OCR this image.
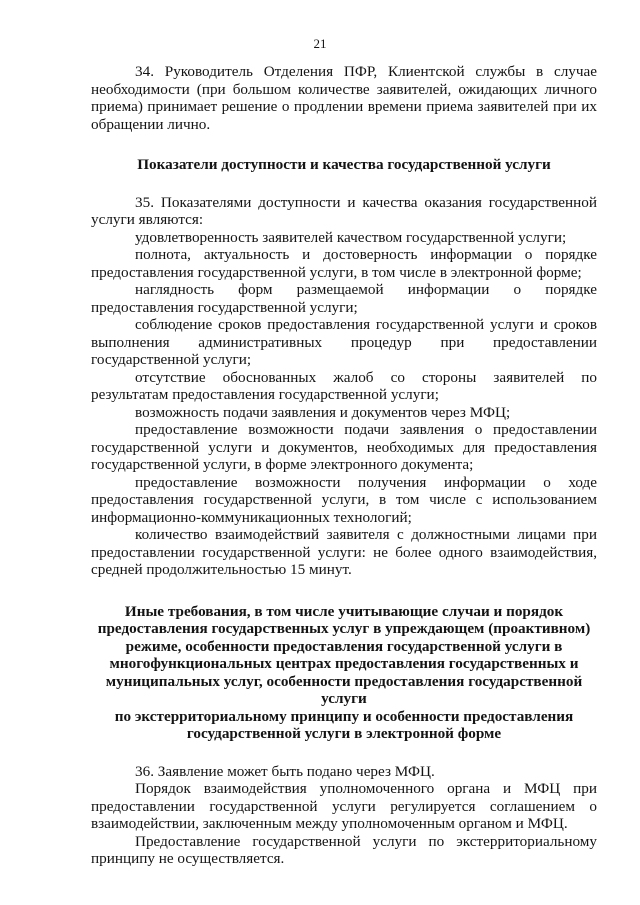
21

34. Руководитель Отделения ПФР, Клиентской службы в случае необходимости (при большом количестве заявителей, ожидающих личного приема) принимает решение о продлении времени приема заявителей при их обращении лично.

Показатели доступности и качества государственной услуги

35. Показателями доступности и качества оказания государственной услуги являются:

удовлетворенность заявителей качеством государственной услуги;

полнота, актуальность и достоверность информации о порядке предоставления государственной услуги, в том числе в электронной форме;

наглядность форм размещаемой информации о порядке предоставления государственной услуги;

соблюдение сроков предоставления государственной услуги и сроков выполнения административных процедур при предоставлении государственной услуги;

отсутствие обоснованных жалоб со стороны заявителей по результатам предоставления государственной услуги;

возможность подачи заявления и документов через МФЦ;

предоставление возможности подачи заявления о предоставлении государственной услуги и документов, необходимых для предоставления государственной услуги, в форме электронного документа;

предоставление возможности получения информации о ходе предоставления государственной услуги, в том числе с использованием информационно-коммуникационных технологий;

количество взаимодействий заявителя с должностными лицами при предоставлении государственной услуги: не более одного взаимодействия, средней продолжительностью 15 минут.

Иные требования, в том числе учитывающие случаи и порядок предоставления государственных услуг в упреждающем (проактивном) режиме, особенности предоставления государственной услуги в многофункциональных центрах предоставления государственных и муниципальных услуг, особенности предоставления государственной услуги
по экстерриториальному принципу и особенности предоставления государственной услуги в электронной форме

36. Заявление может быть подано через МФЦ.

Порядок взаимодействия уполномоченного органа и МФЦ при предоставлении государственной услуги регулируется соглашением о взаимодействии, заключенным между уполномоченным органом и МФЦ.

Предоставление государственной услуги по экстерриториальному принципу не осуществляется.
